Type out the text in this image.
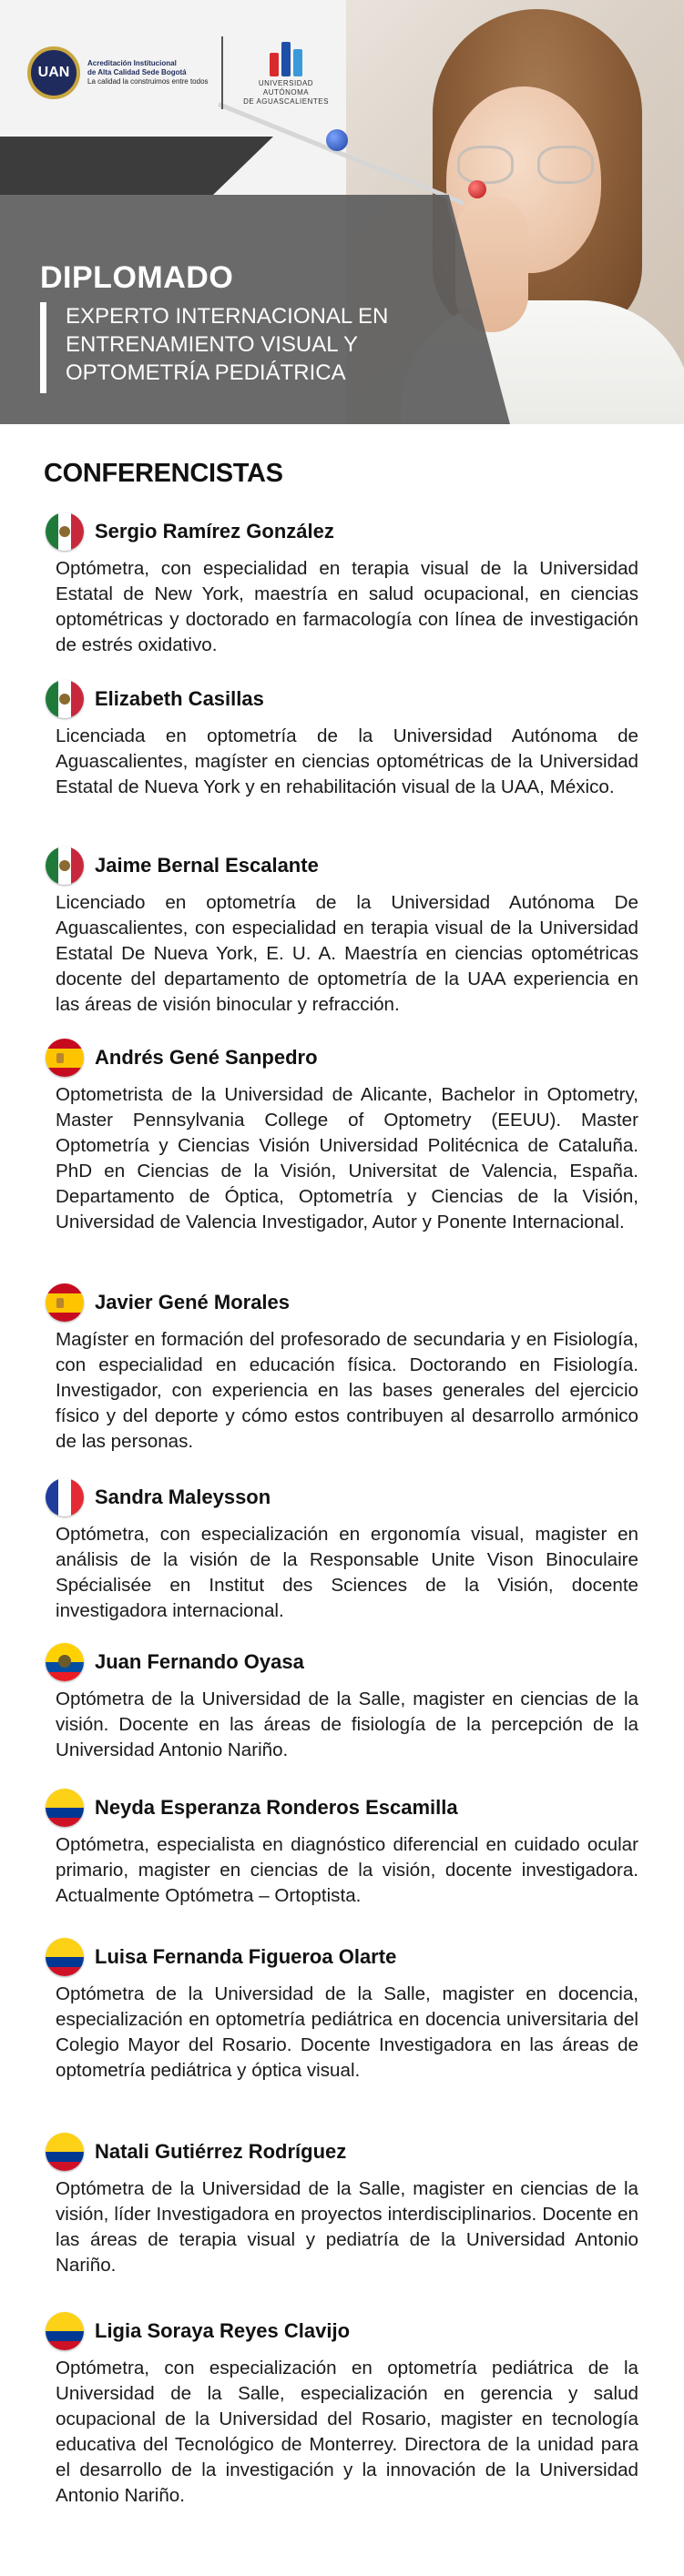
UAN
Acreditación Institucional
de Alta Calidad Sede Bogotá
La calidad la construimos entre todos	UNIVERSIDAD AUTÓNOMA
DE AGUASCALIENTES
DIPLOMADO
EXPERTO INTERNACIONAL EN
ENTRENAMIENTO VISUAL Y
OPTOMETRÍA PEDIÁTRICA
CONFERENCISTAS
Sergio Ramírez González
Optómetra, con especialidad en terapia visual de la Universidad Estatal de New York, maestría en salud ocupacional, en ciencias optométricas y doctorado en farmacología con línea de investigación de estrés oxidativo.
Elizabeth Casillas
Licenciada en optometría de la Universidad Autónoma de Aguascalientes, magíster en ciencias optométricas de la Universidad Estatal de Nueva York y en rehabilitación visual de la UAA, México.
Jaime Bernal Escalante
Licenciado en optometría de la Universidad Autónoma De Aguascalientes, con especialidad en terapia visual de la Universidad Estatal De Nueva York, E. U. A. Maestría en ciencias optométricas docente del departamento de optometría de la UAA experiencia en las áreas de visión binocular y refracción.
Andrés Gené Sanpedro
Optometrista de la Universidad de Alicante, Bachelor in Optometry, Master Pennsylvania College of Optometry (EEUU). Master Optometría y Ciencias Visión Universidad Politécnica de Cataluña. PhD en Ciencias de la Visión, Universitat de Valencia, España. Departamento de Óptica, Optometría y Ciencias de la Visión, Universidad de Valencia Investigador, Autor y Ponente Internacional.
Javier Gené Morales
Magíster en formación del profesorado de secundaria y en Fisiología, con especialidad en educación física. Doctorando en Fisiología. Investigador, con experiencia en las bases generales del ejercicio físico y del deporte y cómo estos contribuyen al desarrollo armónico de las personas.
Sandra Maleysson
Optómetra, con especialización en ergonomía visual, magister en análisis de la visión de la Responsable Unite Vison Binoculaire Spécialisée en Institut des Sciences de la Visión, docente investigadora internacional.
Juan Fernando Oyasa
Optómetra de la Universidad de la Salle, magister en ciencias de la visión. Docente en las áreas de fisiología de la percepción de la Universidad Antonio Nariño.
Neyda Esperanza Ronderos Escamilla
Optómetra, especialista en diagnóstico diferencial en cuidado ocular primario, magister en ciencias de la visión, docente investigadora. Actualmente Optómetra – Ortoptista.
Luisa Fernanda Figueroa Olarte
Optómetra de la Universidad de la Salle, magister en docencia, especialización en optometría pediátrica en docencia universitaria del Colegio Mayor del Rosario. Docente Investigadora en las áreas de optometría pediátrica y óptica visual.
Natali Gutiérrez Rodríguez
Optómetra de la Universidad de la Salle, magister en ciencias de la visión, líder Investigadora en proyectos interdisciplinarios. Docente en las áreas de terapia visual y pediatría de la Universidad Antonio Nariño.
Ligia Soraya Reyes Clavijo
Optómetra, con especialización en optometría pediátrica de la Universidad de la Salle, especialización en gerencia y salud ocupacional de la Universidad del Rosario, magister en tecnología educativa del Tecnológico de Monterrey. Directora de la unidad para el desarrollo de la investigación y la innovación de la Universidad Antonio Nariño.
